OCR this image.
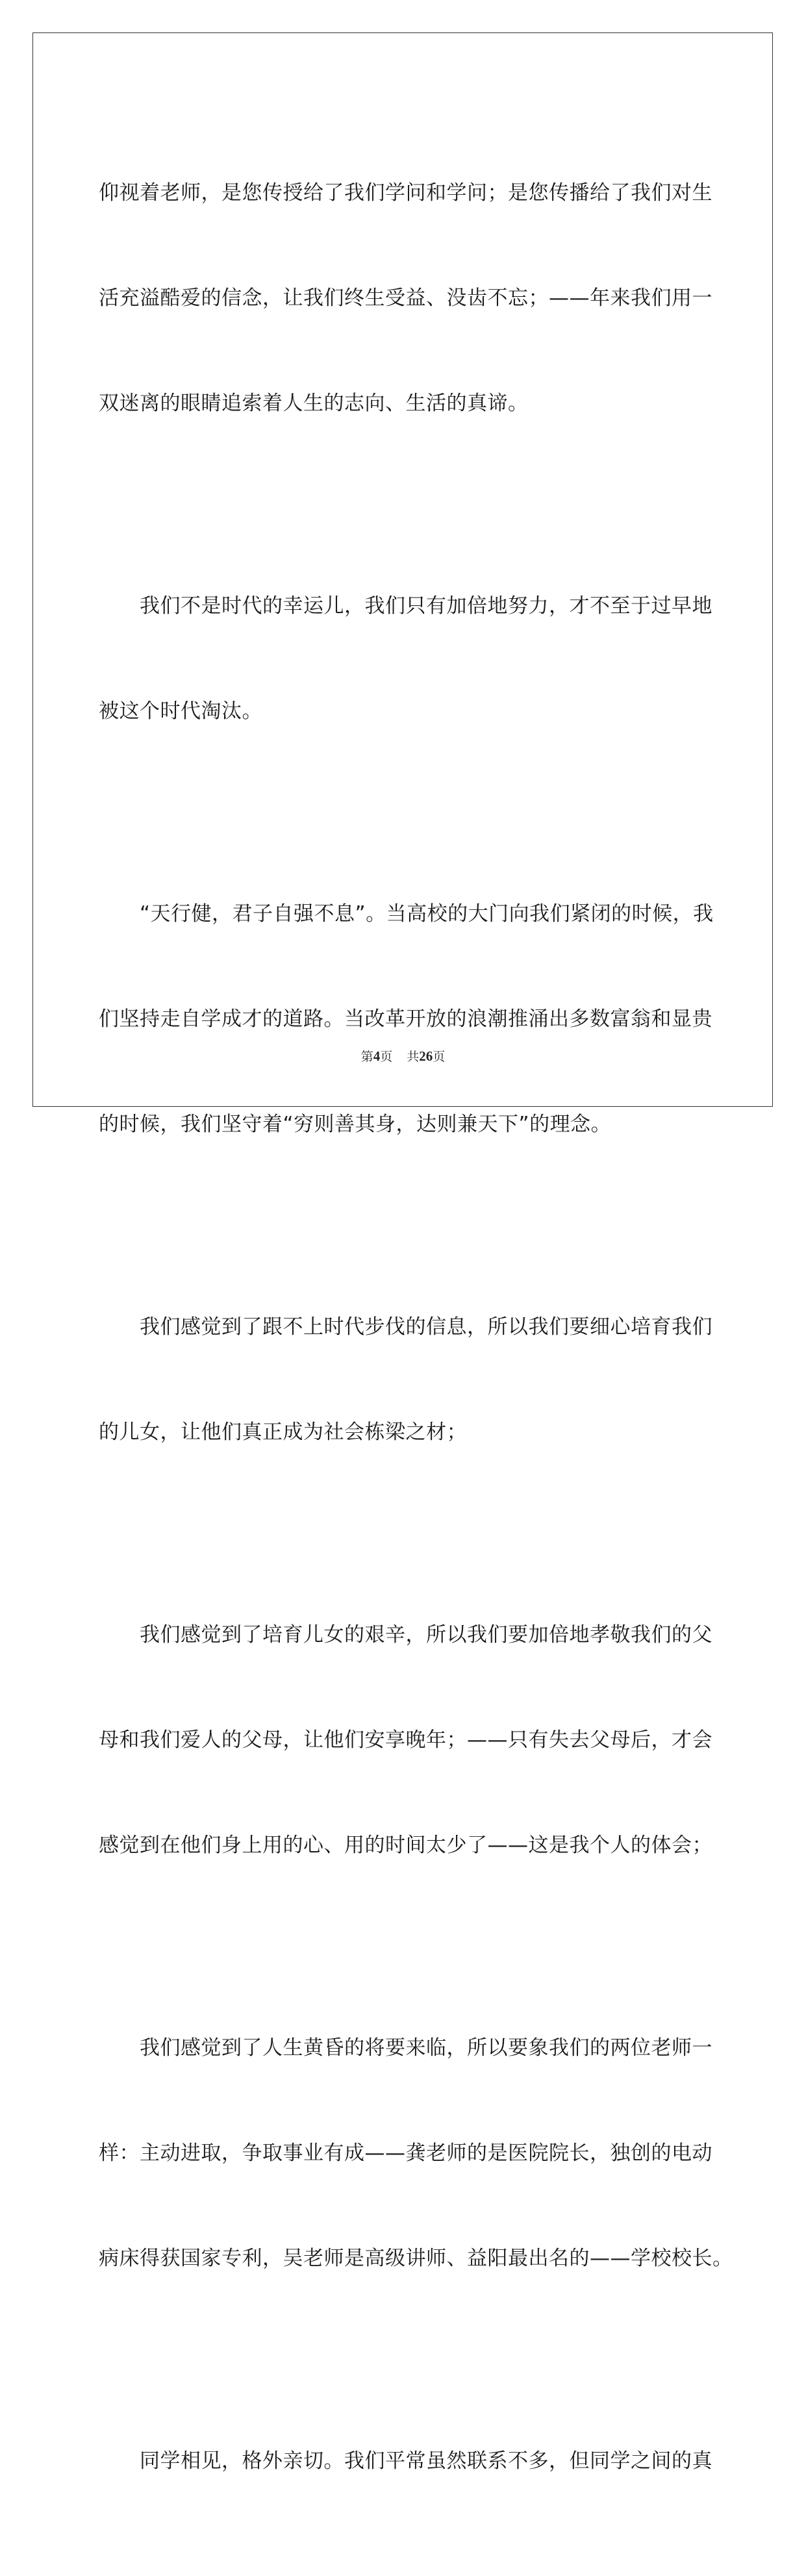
仰视着老师，是您传授给了我们学问和学问；是您传播给了我们对生

活充溢酷爱的信念，让我们终生受益、没齿不忘；——年来我们用一

双迷离的眼睛追索着人生的志向、生活的真谛。

　　我们不是时代的幸运儿，我们只有加倍地努力，才不至于过早地

被这个时代淘汰。

　　“天行健，君子自强不息”。当高校的大门向我们紧闭的时候，我

们坚持走自学成才的道路。当改革开放的浪潮推涌出多数富翁和显贵

的时候，我们坚守着“穷则善其身，达则兼天下”的理念。

　　我们感觉到了跟不上时代步伐的信息，所以我们要细心培育我们

的儿女，让他们真正成为社会栋梁之材；

　　我们感觉到了培育儿女的艰辛，所以我们要加倍地孝敬我们的父

母和我们爱人的父母，让他们安享晚年；——只有失去父母后，才会

感觉到在他们身上用的心、用的时间太少了——这是我个人的体会；

　　我们感觉到了人生黄昏的将要来临，所以要象我们的两位老师一

样：主动进取，争取事业有成——龚老师的是医院院长，独创的电动

病床得获国家专利，吴老师是高级讲师、益阳最出名的——学校校长。

　　同学相见，格外亲切。我们平常虽然联系不多，但同学之间的真

第4页 共26页
